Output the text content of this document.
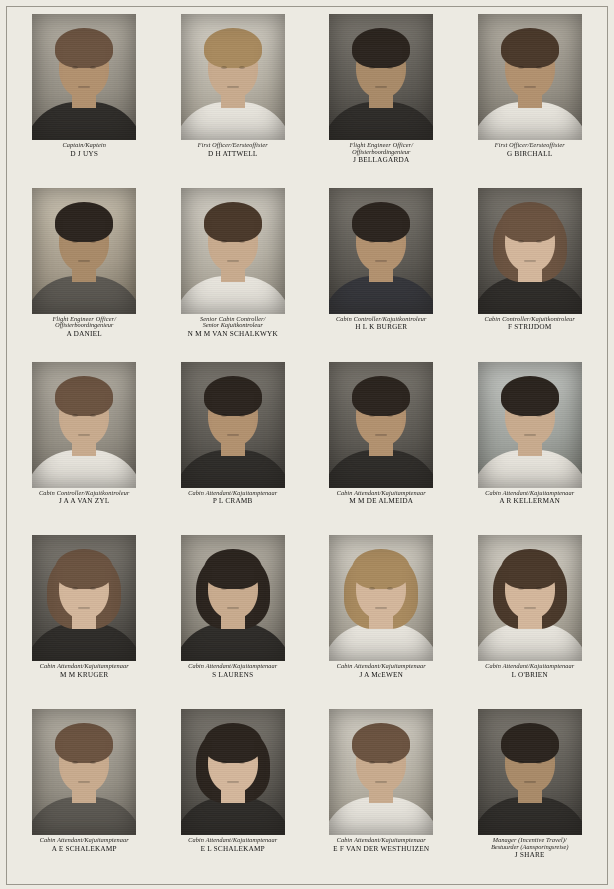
Captain/Kaptein
D J UYS
First Officer/Eersteoffisier
D H ATTWELL
Flight Engineer Officer/
Offisierboordingenieur
J BELLAGARDA
First Officer/Eersteoffisier
G BIRCHALL
Flight Engineer Officer/
Offisierboordingenieur
A DANIEL
Senior Cabin Controller/
Senior Kajuitkontroleur
N M M VAN SCHALKWYK
Cabin Controller/Kajuitkontroleur
H L K BURGER
Cabin Controller/Kajuitkontroleur
F STRIJDOM
Cabin Controller/Kajuitkontroleur
J A A VAN ZYL
Cabin Attendant/Kajuitamptenaar
P L CRAMB
Cabin Attendant/Kajuitamptenaar
M M DE ALMEIDA
Cabin Attendant/Kajuitamptenaar
A R KELLERMAN
Cabin Attendant/Kajuitamptenaar
M M KRUGER
Cabin Attendant/Kajuitamptenaar
S LAURENS
Cabin Attendant/Kajuitamptenaar
J A McEWEN
Cabin Attendant/Kajuitamptenaar
L O'BRIEN
Cabin Attendant/Kajuitamptenaar
A E SCHALEKAMP
Cabin Attendant/Kajuitamptenaar
E L SCHALEKAMP
Cabin Attendant/Kajuitamptenaar
E F VAN DER WESTHUIZEN
Manager (Incentive Travel)/
Bestuurder (Aansporingsreise)
J SHARE
